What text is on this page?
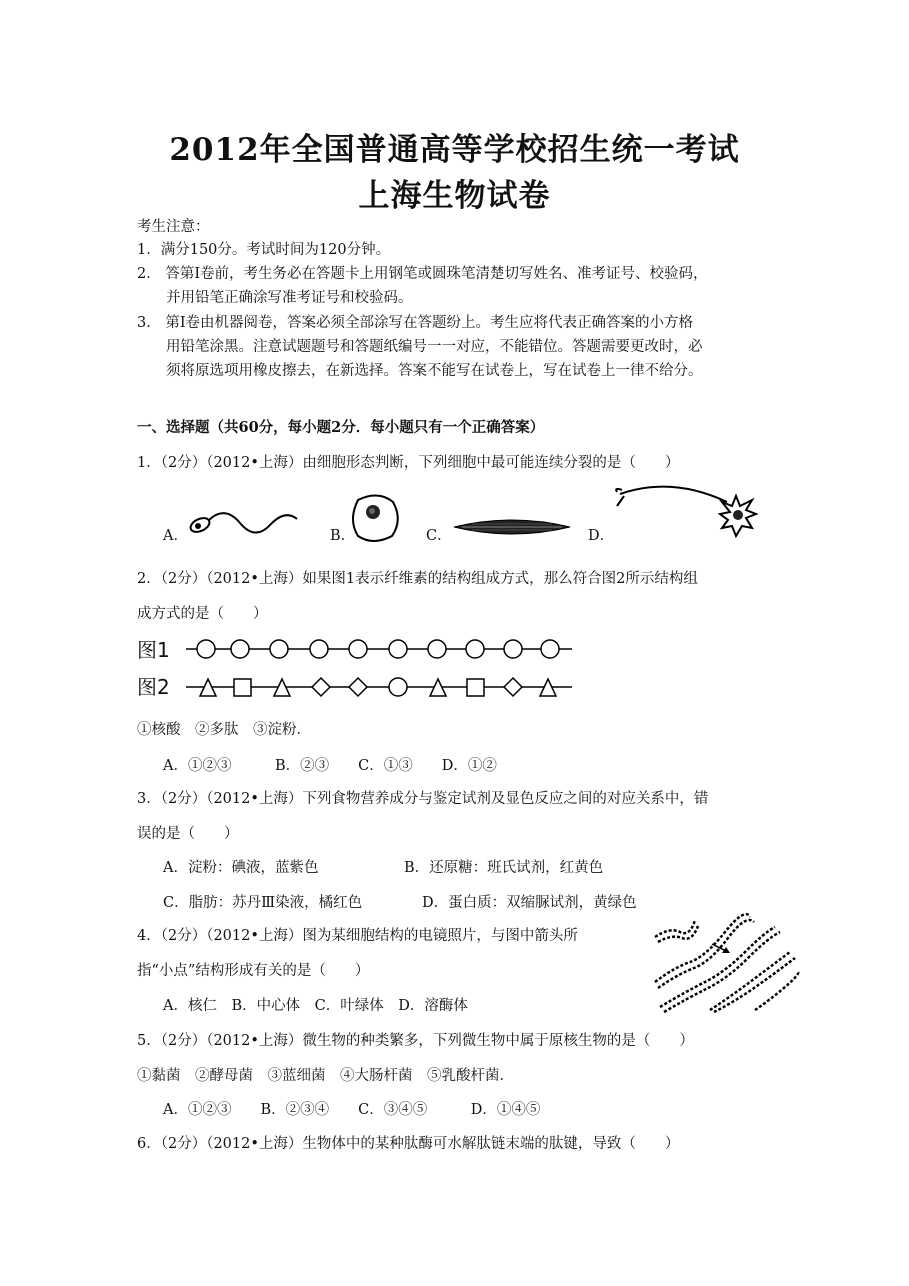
2012年全国普通高等学校招生统一考试
上海生物试卷
考生注意：
1．满分150分。考试时间为120分钟。
2． 答第Ⅰ卷前，考生务必在答题卡上用钢笔或圆珠笔清楚切写姓名、准考证号、校验码，
并用铅笔正确涂写准考证号和校验码。
3． 第Ⅰ卷由机器阅卷，答案必须全部涂写在答题纷上。考生应将代表正确答案的小方格
用铅笔涂黑。注意试题题号和答题纸编号一一对应，不能错位。答题需要更改时，必
须将原选项用橡皮擦去，在新选择。答案不能写在试卷上，写在试卷上一律不给分。
一、选择题（共60分，每小题2分．每小题只有一个正确答案）
1．（2分）（2012•上海）由细胞形态判断，下列细胞中最可能连续分裂的是（　　）
A．	B．	C．	D．
2．（2分）（2012•上海）如果图1表示纤维素的结构组成方式，那么符合图2所示结构组
成方式的是（　　）
图1
图2
①核酸　②多肽　③淀粉．
A．①②③　　　B．②③　　C．①③　　D．①②
3．（2分）（2012•上海）下列食物营养成分与鉴定试剂及显色反应之间的对应关系中，错
误的是（　　）
A．淀粉：碘液，蓝紫色	B．还原糖：班氏试剂，红黄色
C．脂肪：苏丹Ⅲ染液，橘红色	D．蛋白质：双缩脲试剂，黄绿色
4．（2分）（2012•上海）图为某细胞结构的电镜照片，与图中箭头所
指“小点”结构形成有关的是（　　）
A．核仁　B．中心体　C．叶绿体　D．溶酶体
5．（2分）（2012•上海）微生物的种类繁多，下列微生物中属于原核生物的是（　　）
①黏菌　②酵母菌　③蓝细菌　④大肠杆菌　⑤乳酸杆菌．
A．①②③　　B．②③④　　C．③④⑤　　　D．①④⑤
6．（2分）（2012•上海）生物体中的某种肽酶可水解肽链末端的肽键，导致（　　）
